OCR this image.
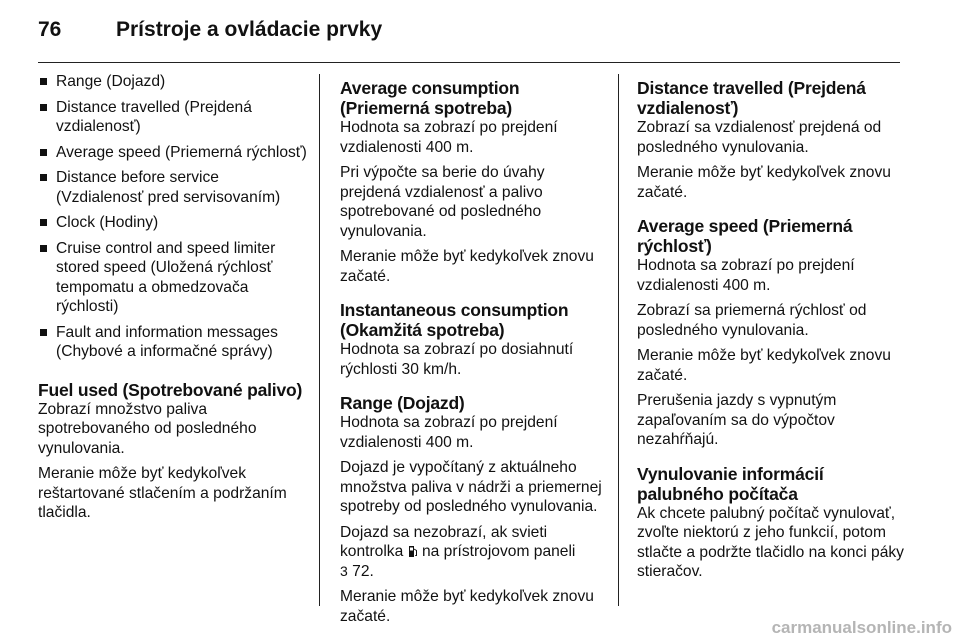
76	Prístroje a ovládacie prvky
Range (Dojazd)
Distance travelled (Prejdená vzdialenosť)
Average speed (Priemerná rýchlosť)
Distance before service (Vzdialenosť pred servisovaním)
Clock (Hodiny)
Cruise control and speed limiter stored speed (Uložená rýchlosť tempomatu a obmedzovača rýchlosti)
Fault and information messages (Chybové a informačné správy)
Fuel used (Spotrebované palivo)

Zobrazí množstvo paliva spotrebovaného od posledného vynulovania.

Meranie môže byť kedykoľvek reštartované stlačením a podržaním tlačidla.

Average consumption (Priemerná spotreba)

Hodnota sa zobrazí po prejdení vzdialenosti 400 m.

Pri výpočte sa berie do úvahy prejdená vzdialenosť a palivo spotrebované od posledného vynulovania.

Meranie môže byť kedykoľvek znovu začaté.

Instantaneous consumption (Okamžitá spotreba)

Hodnota sa zobrazí po dosiahnutí rýchlosti 30 km/h.

Range (Dojazd)

Hodnota sa zobrazí po prejdení vzdialenosti 400 m.

Dojazd je vypočítaný z aktuálneho množstva paliva v nádrži a priemernej spotreby od posledného vynulovania.

Dojazd sa nezobrazí, ak svieti kontrolka na prístrojovom paneli
3 72.

Meranie môže byť kedykoľvek znovu začaté.

Distance travelled (Prejdená vzdialenosť)

Zobrazí sa vzdialenosť prejdená od posledného vynulovania.

Meranie môže byť kedykoľvek znovu začaté.

Average speed (Priemerná rýchlosť)

Hodnota sa zobrazí po prejdení vzdialenosti 400 m.

Zobrazí sa priemerná rýchlosť od posledného vynulovania.

Meranie môže byť kedykoľvek znovu začaté.

Prerušenia jazdy s vypnutým zapaľovaním sa do výpočtov nezahŕňajú.

Vynulovanie informácií palubného počítača

Ak chcete palubný počítač vynulovať, zvoľte niektorú z jeho funkcií, potom stlačte a podržte tlačidlo na konci páky stieračov.

carmanualsonline.info
